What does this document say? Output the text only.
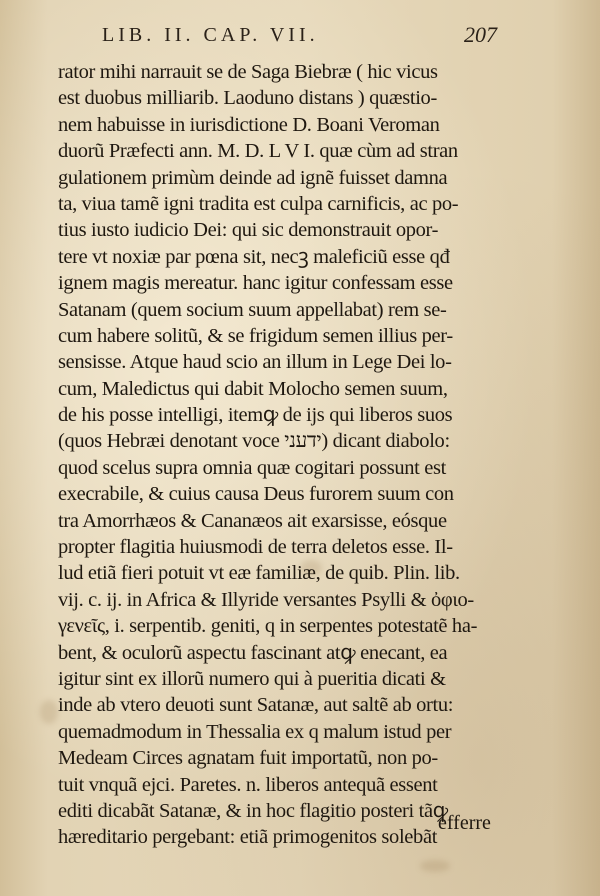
LIB. II. CAP. VII.	207
rator mihi narrauit se de Saga Biebræ ( hic vicus
est duobus milliarib. Laoduno distans ) quæstio-
nem habuisse in iurisdictione D. Boani Veroman
duorũ Præfecti ann. M. D. L V I. quæ cùm ad stran
gulationem primùm deinde ad ignẽ fuisset damna
ta, viua tamẽ igni tradita est culpa carnificis, ac po-
tius iusto iudicio Dei: qui sic demonstrauit opor-
tere vt noxiæ par pœna sit, necꝫ maleficiũ esse qđ
ignem magis mereatur. hanc igitur confessam esse
Satanam (quem socium suum appellabat) rem se-
cum habere solitũ, & se frigidum semen illius per-
sensisse. Atque haud scio an illum in Lege Dei lo-
cum, Maledictus qui dabit Molocho semen suum,
de his posse intelligi, itemꝙ de ijs qui liberos suos
(quos Hebræi denotant voce ידעני) dicant diabolo:
quod scelus supra omnia quæ cogitari possunt est
execrabile, & cuius causa Deus furorem suum con
tra Amorrhæos & Cananæos ait exarsisse, eósque
propter flagitia huiusmodi de terra deletos esse. Il-
lud etiã fieri potuit vt eæ familiæ, de quib. Plin. lib.
vij. c. ij. in Africa & Illyride versantes Psylli & ὀφιο-
γενεῖς, i. serpentib. geniti, q in serpentes potestatẽ ha-
bent, & oculorũ aspectu fascinant atꝙ enecant, ea
igitur sint ex illorũ numero qui à pueritia dicati &
inde ab vtero deuoti sunt Satanæ, aut saltẽ ab ortu:
quemadmodum in Thessalia ex q malum istud per
Medeam Circes agnatam fuit importatũ, non po-
tuit vnquã ejci. Paretes. n. liberos antequã essent
editi dicabãt Satanæ, & in hoc flagitio posteri tãꝙ
hæreditario pergebant: etiã primogenitos solebãt
efferre
